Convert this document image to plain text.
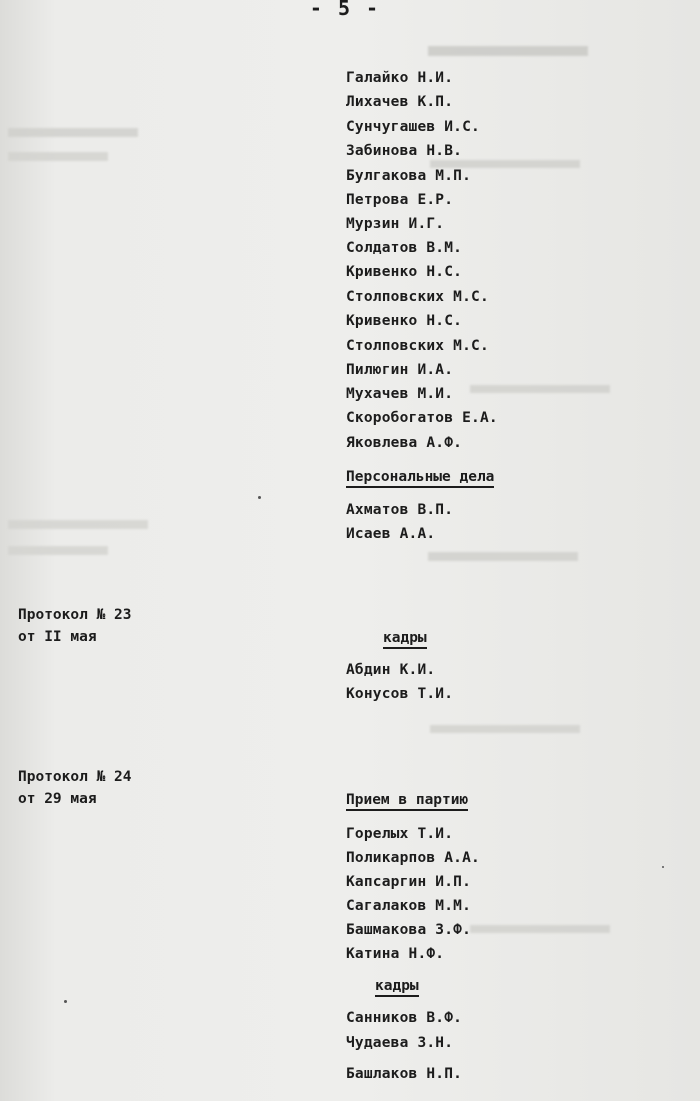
- 5 -
Галайко Н.И.
Лихачев К.П.
Сунчугашев И.С.
Забинова Н.В.
Булгакова М.П.
Петрова Е.Р.
Мурзин И.Г.
Солдатов В.М.
Кривенко Н.С.
Столповских М.С.
Кривенко Н.С.
Столповских М.С.
Пилюгин И.А.
Мухачев М.И.
Скоробогатов Е.А.
Яковлева А.Ф.
Персональные дела
Ахматов В.П.
Исаев А.А.
Протокол № 23
от II мая	кадры
Абдин К.И.
Конусов Т.И.
Протокол № 24
от 29 мая	Прием в партию
Горелых Т.И.
Поликарпов А.А.
Капсаргин И.П.
Сагалаков М.М.
Башмакова З.Ф.
Катина Н.Ф.
кадры
Санников В.Ф.
Чудаева З.Н.
Башлаков Н.П.
